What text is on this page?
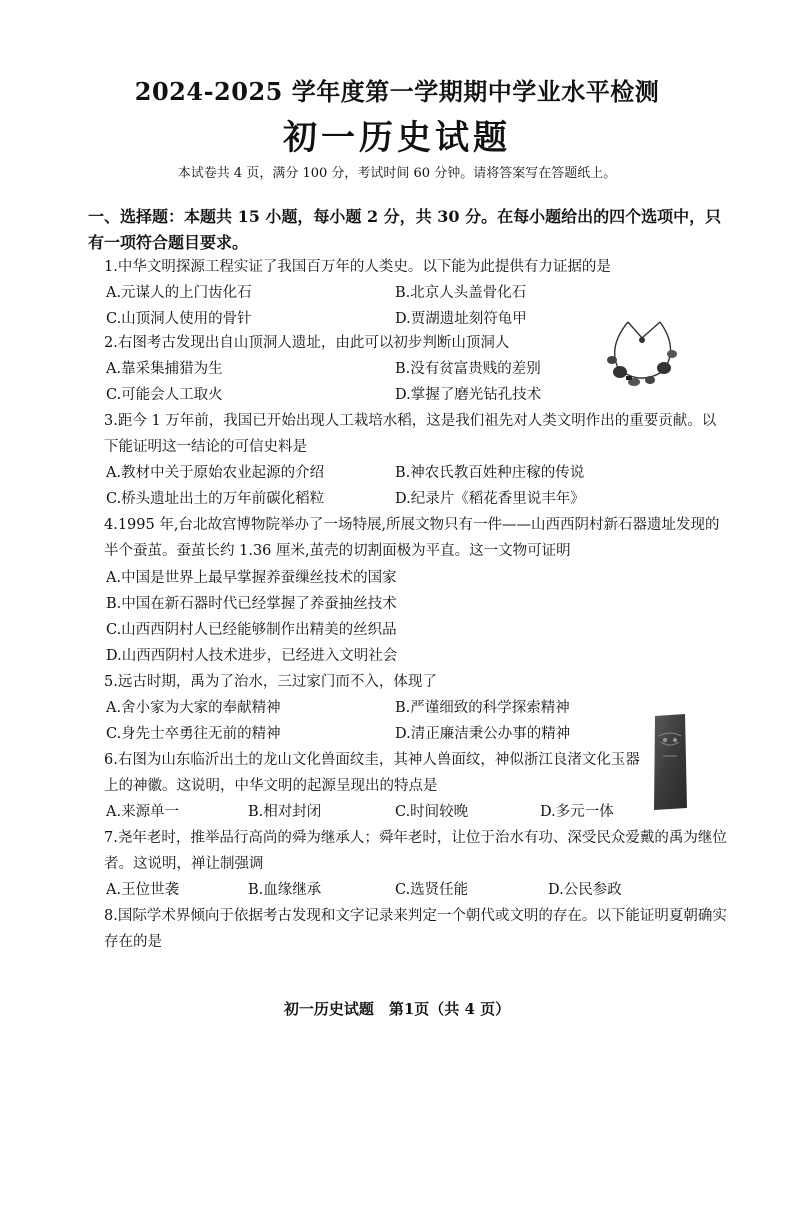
2024-2025 学年度第一学期期中学业水平检测
初一历史试题
本试卷共 4 页，满分 100 分，考试时间 60 分钟。请将答案写在答题纸上。
一、选择题：本题共 15 小题，每小题 2 分，共 30 分。在每小题给出的四个选项中，只有一项符合题目要求。
1.中华文明探源工程实证了我国百万年的人类史。以下能为此提供有力证据的是
A.元谋人的上门齿化石	B.北京人头盖骨化石
C.山顶洞人使用的骨针	D.贾湖遗址刻符龟甲
2.右图考古发现出自山顶洞人遗址，由此可以初步判断山顶洞人
A.靠采集捕猎为生	B.没有贫富贵贱的差别
C.可能会人工取火	D.掌握了磨光钻孔技术
3.距今 1 万年前，我国已开始出现人工栽培水稻，这是我们祖先对人类文明作出的重要贡献。以下能证明这一结论的可信史料是
A.教材中关于原始农业起源的介绍	B.神农氏教百姓种庄稼的传说
C.桥头遗址出土的万年前碳化稻粒	D.纪录片《稻花香里说丰年》
4.1995 年,台北故宫博物院举办了一场特展,所展文物只有一件——山西西阴村新石器遗址发现的半个蚕茧。蚕茧长约 1.36 厘米,茧壳的切割面极为平直。这一文物可证明
A.中国是世界上最早掌握养蚕缫丝技术的国家
B.中国在新石器时代已经掌握了养蚕抽丝技术
C.山西西阴村人已经能够制作出精美的丝织品
D.山西西阴村人技术进步，已经进入文明社会
5.远古时期，禹为了治水，三过家门而不入，体现了
A.舍小家为大家的奉献精神	B.严谨细致的科学探索精神
C.身先士卒勇往无前的精神	D.清正廉洁秉公办事的精神
6.右图为山东临沂出土的龙山文化兽面纹圭，其神人兽面纹，神似浙江良渚文化玉器上的神徽。这说明，中华文明的起源呈现出的特点是
A.来源单一	B.相对封闭	C.时间较晚	D.多元一体
7.尧年老时，推举品行高尚的舜为继承人；舜年老时，让位于治水有功、深受民众爱戴的禹为继位者。这说明，禅让制强调
A.王位世袭	B.血缘继承	C.选贤任能	D.公民参政
8.国际学术界倾向于依据考古发现和文字记录来判定一个朝代或文明的存在。以下能证明夏朝确实存在的是
初一历史试题　第1页（共 4 页）
